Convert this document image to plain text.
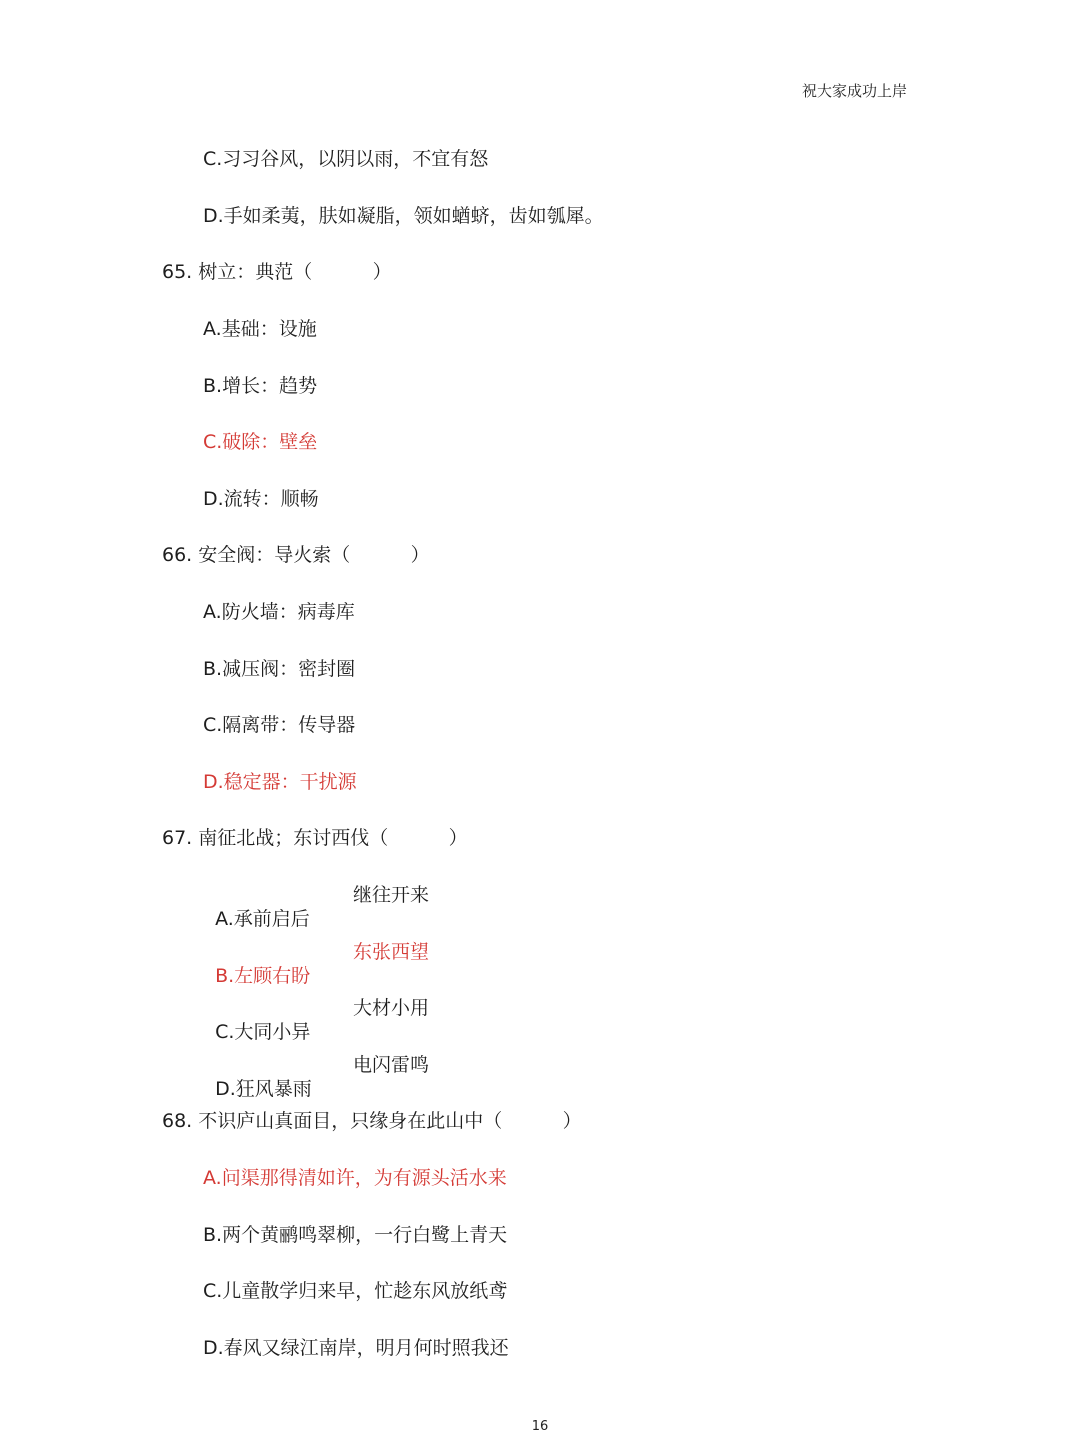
祝大家成功上岸
C.习习谷风，以阴以雨，不宜有怒
D.手如柔荑，肤如凝脂，领如蝤蛴，齿如瓠犀。
65. 树立：典范（          ）
A.基础：设施
B.增长：趋势
C.破除：壁垒
D.流转：顺畅
66. 安全阀：导火索（          ）
A.防火墙：病毒库
B.减压阀：密封圈
C.隔离带：传导器
D.稳定器：干扰源
67. 南征北战；东讨西伐（          ）

A.承前启后

继往开来

B.左顾右盼

东张西望

C.大同小异

大材小用

D.狂风暴雨

电闪雷鸣

68. 不识庐山真面目，只缘身在此山中（          ）
A.问渠那得清如许，为有源头活水来
B.两个黄鹂鸣翠柳，一行白鹭上青天
C.儿童散学归来早，忙趁东风放纸鸢
D.春风又绿江南岸，明月何时照我还
16
